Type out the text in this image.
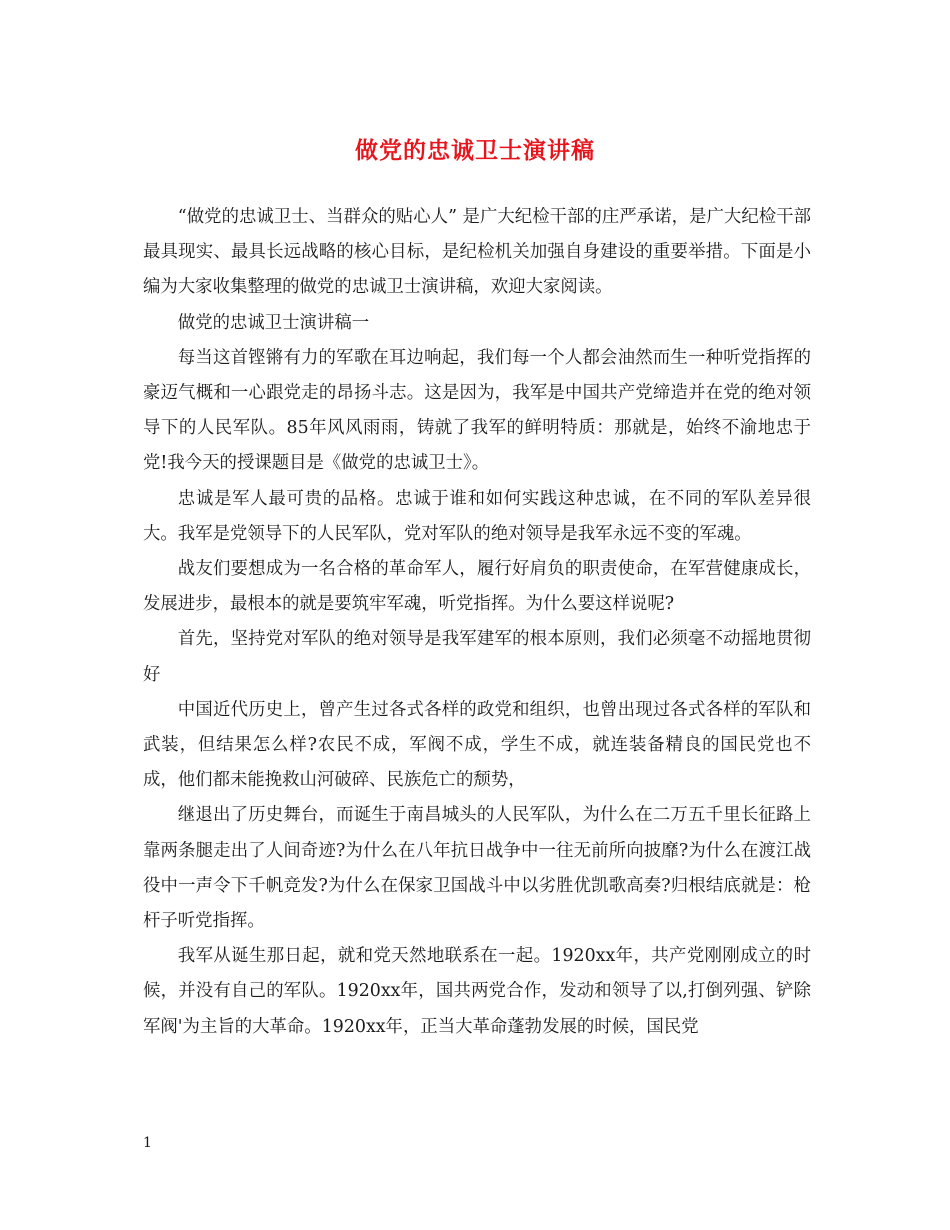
做党的忠诚卫士演讲稿

“做党的忠诚卫士、当群众的贴心人” 是广大纪检干部的庄严承诺，是广大纪检干部最具现实、最具长远战略的核心目标，是纪检机关加强自身建设的重要举措。下面是小编为大家收集整理的做党的忠诚卫士演讲稿，欢迎大家阅读。

做党的忠诚卫士演讲稿一

每当这首铿锵有力的军歌在耳边响起，我们每一个人都会油然而生一种听党指挥的豪迈气概和一心跟党走的昂扬斗志。这是因为，我军是中国共产党缔造并在党的绝对领导下的人民军队。85年风风雨雨，铸就了我军的鲜明特质：那就是，始终不渝地忠于党!我今天的授课题目是《做党的忠诚卫士》。

忠诚是军人最可贵的品格。忠诚于谁和如何实践这种忠诚，在不同的军队差异很大。我军是党领导下的人民军队，党对军队的绝对领导是我军永远不变的军魂。

战友们要想成为一名合格的革命军人，履行好肩负的职责使命，在军营健康成长，发展进步，最根本的就是要筑牢军魂，听党指挥。为什么要这样说呢?

首先，坚持党对军队的绝对领导是我军建军的根本原则，我们必须毫不动摇地贯彻好

中国近代历史上，曾产生过各式各样的政党和组织，也曾出现过各式各样的军队和武装，但结果怎么样?农民不成，军阀不成，学生不成，就连装备精良的国民党也不成，他们都未能挽救山河破碎、民族危亡的颓势，

继退出了历史舞台，而诞生于南昌城头的人民军队，为什么在二万五千里长征路上靠两条腿走出了人间奇迹?为什么在八年抗日战争中一往无前所向披靡?为什么在渡江战役中一声令下千帆竞发?为什么在保家卫国战斗中以劣胜优凯歌高奏?归根结底就是：枪杆子听党指挥。

我军从诞生那日起，就和党天然地联系在一起。1920xx年，共产党刚刚成立的时候，并没有自己的军队。1920xx年，国共两党合作，发动和领导了以,打倒列强、铲除军阀'为主旨的大革命。1920xx年，正当大革命蓬勃发展的时候，国民党

1
